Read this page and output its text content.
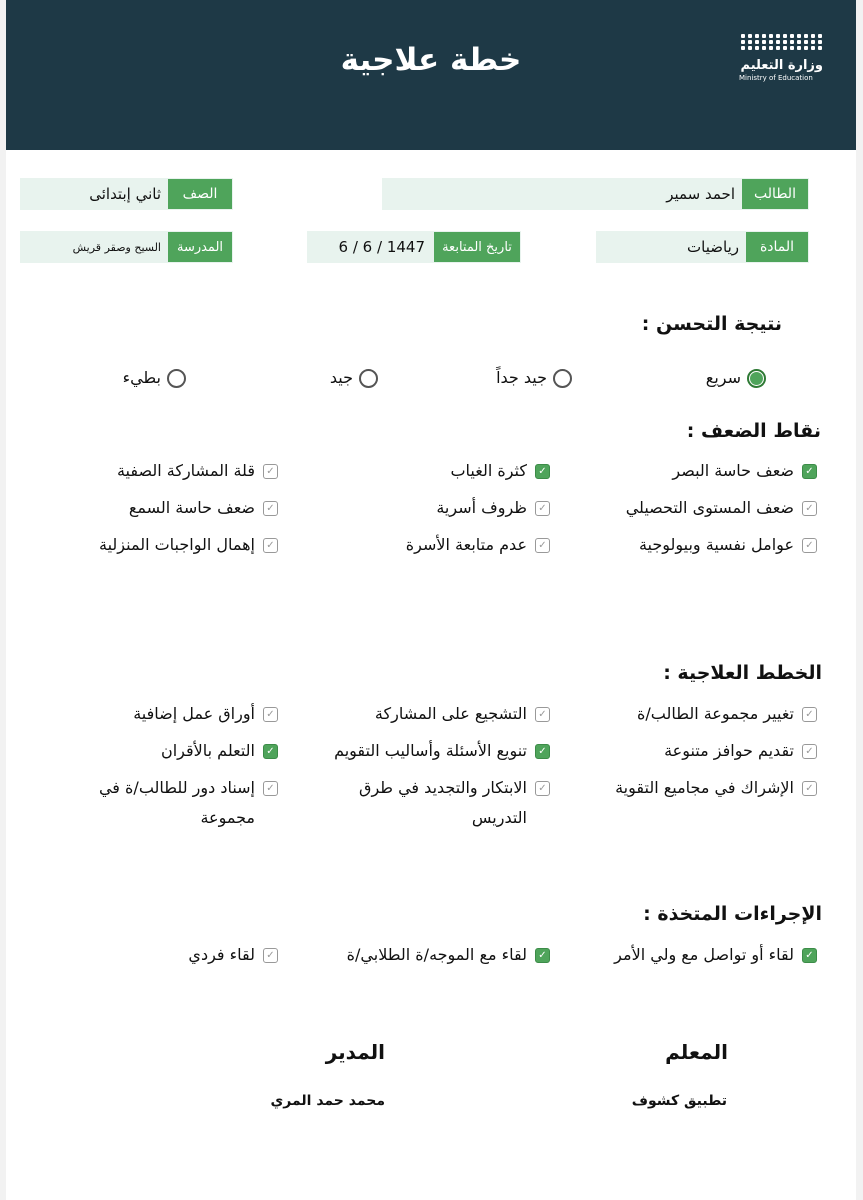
خطة علاجية	وزارة التعليم
Ministry of Education
الطالب
احمد سمير
الصف
ثاني إبتدائى
المادة
رياضيات
تاريخ المتابعة
6 / 6 / 1447
المدرسة
السيح وصقر قريش
نتيجة التحسن :
سريع
جيد جداً
جيد
بطيء
نقاط الضعف :
✓
ضعف حاسة البصر
✓
كثرة الغياب
✓
قلة المشاركة الصفية
✓
ضعف المستوى التحصيلي
✓
ظروف أسرية
✓
ضعف حاسة السمع
✓
عوامل نفسية وبيولوجية
✓
عدم متابعة الأسرة
✓
إهمال الواجبات المنزلية
الخطط العلاجية :
✓
تغيير مجموعة الطالب/ة
✓
التشجيع على المشاركة
✓
أوراق عمل إضافية
✓
تقديم حوافز متنوعة
✓
تنويع الأسئلة وأساليب التقويم
✓
التعلم بالأقران
✓
الإشراك في مجاميع التقوية
✓
الابتكار والتجديد في طرق التدريس
✓
إسناد دور للطالب/ة في مجموعة
الإجراءات المتخذة :
✓
لقاء أو تواصل مع ولي الأمر
✓
لقاء مع الموجه/ة الطلابي/ة
✓
لقاء فردي
المعلم
تطبيق كشوف
المدير
محمد حمد المري
